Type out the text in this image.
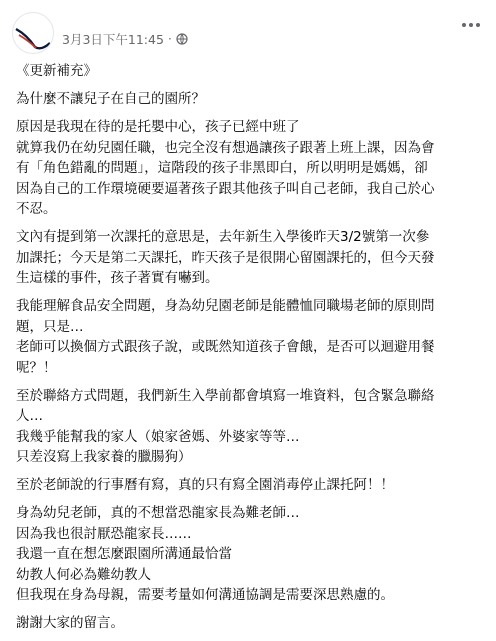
3月3日下午11:45 ·
《更新補充》
為什麼不讓兒子在自己的園所？
原因是我現在待的是托嬰中心，孩子已經中班了
就算我仍在幼兒園任職，也完全沒有想過讓孩子跟著上班上課，因為會
有「角色錯亂的問題」，這階段的孩子非黑即白，所以明明是媽媽，卻
因為自己的工作環境硬要逼著孩子跟其他孩子叫自己老師，我自己於心
不忍。
文內有提到第一次課托的意思是，去年新生入學後昨天3/2號第一次參
加課托；今天是第二天課托，昨天孩子是很開心留園課托的，但今天發
生這樣的事件，孩子著實有嚇到。
我能理解食品安全問題，身為幼兒園老師是能體恤同職場老師的原則問
題，只是…
老師可以換個方式跟孩子說，或既然知道孩子會餓，是否可以迴避用餐
呢？！
至於聯絡方式問題，我們新生入學前都會填寫一堆資料，包含緊急聯絡
人…
我幾乎能幫我的家人（娘家爸媽、外婆家等等…
只差沒寫上我家養的臘腸狗）
至於老師說的行事曆有寫，真的只有寫全園消毒停止課托阿！！
身為幼兒老師，真的不想當恐龍家長為難老師…
因為我也很討厭恐龍家長……
我還一直在想怎麼跟園所溝通最恰當
幼教人何必為難幼教人
但我現在身為母親，需要考量如何溝通協調是需要深思熟慮的。
謝謝大家的留言。
